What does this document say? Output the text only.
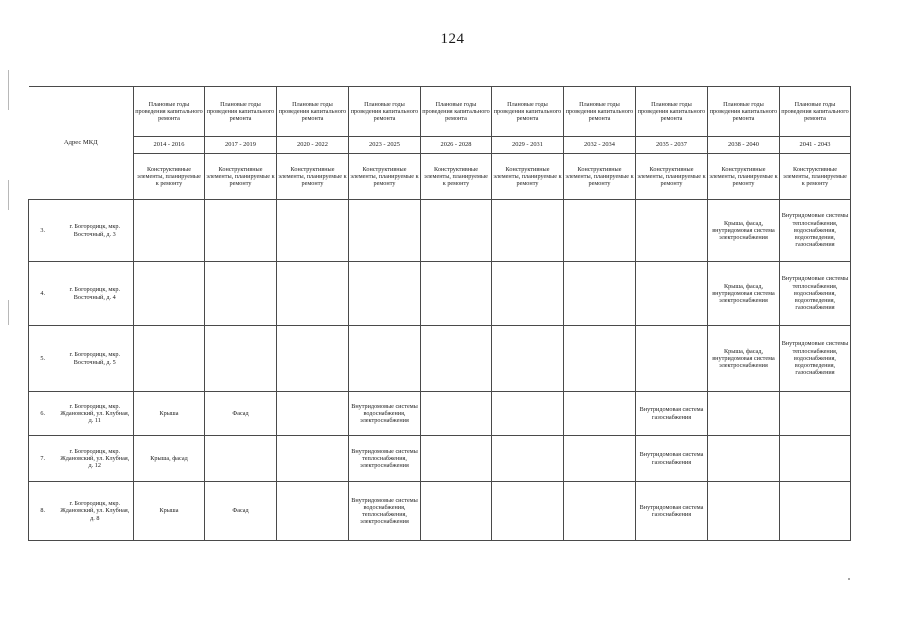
124
Адрес МКД		Плановые годы проведения капитального ремонта	Плановые годы проведения капитального ремонта	Плановые годы проведения капитального ремонта	Плановые годы проведения капитального ремонта	Плановые годы проведения капитального ремонта	Плановые годы проведения капитального ремонта	Плановые годы проведения капитального ремонта	Плановые годы проведения капитального ремонта	Плановые годы проведения капитального ремонта	Плановые годы проведения капитального ремонта
		2014 - 2016	2017 - 2019	2020 - 2022	2023 - 2025	2026 - 2028	2029 - 2031	2032 - 2034	2035 - 2037	2038 - 2040	2041 - 2043
		Конструктивные элементы, планируемые к ремонту	Конструктивные элементы, планируемые к ремонту	Конструктивные элементы, планируемые к ремонту	Конструктивные элементы, планируемые к ремонту	Конструктивные элементы, планируемые к ремонту	Конструктивные элементы, планируемые к ремонту	Конструктивные элементы, планируемые к ремонту	Конструктивные элементы, планируемые к ремонту	Конструктивные элементы, планируемые к ремонту	Конструктивные элементы, планируемые к ремонту
3.	г. Богородицк, мкр. Восточный, д. 3									Крыша, фасад, внутридомовая система электроснабжения	Внутридомовые системы теплоснабжения, водоснабжения, водоотведения, газоснабжения
4.	г. Богородицк, мкр. Восточный, д. 4									Крыша, фасад, внутридомовая система электроснабжения	Внутридомовые системы теплоснабжения, водоснабжения, водоотведения, газоснабжения
5.	г. Богородицк, мкр. Восточный, д. 5									Крыша, фасад, внутридомовая система электроснабжения	Внутридомовые системы теплоснабжения, водоснабжения, водоотведения, газоснабжения
6.	г. Богородицк, мкр. Ждановский, ул. Клубная, д. 11	Крыша	Фасад		Внутридомовые системы водоснабжения, электроснабжения				Внутридомовая система газоснабжения		
7.	г. Богородицк, мкр. Ждановский, ул. Клубная, д. 12	Крыша, фасад			Внутридомовые системы теплоснабжения, электроснабжения				Внутридомовая система газоснабжения		
8.	г. Богородицк, мкр. Ждановский, ул. Клубная, д. 8	Крыша	Фасад		Внутридомовые системы водоснабжения, теплоснабжения, электроснабжения				Внутридомовая система газоснабжения		
